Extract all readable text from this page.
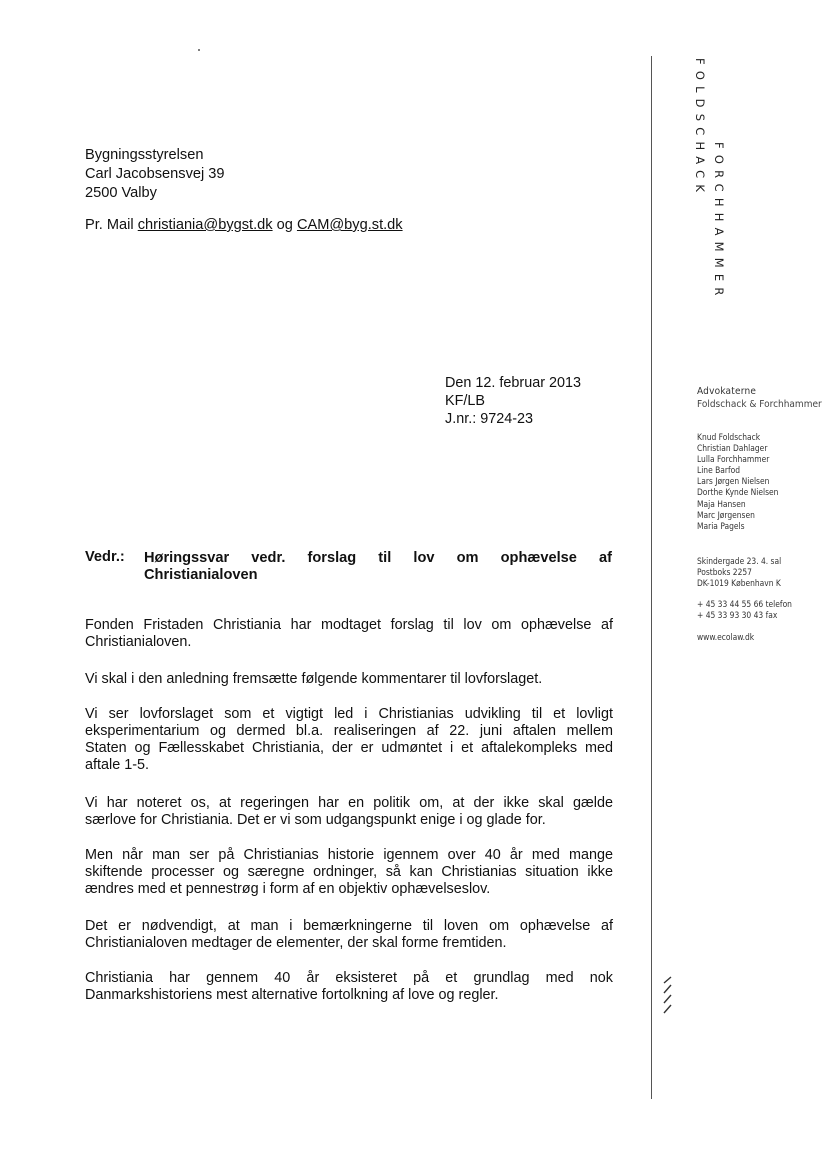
FOLDSCHACK
FORCHHAMMER
Bygningsstyrelsen
Carl Jacobsensvej 39
2500 Valby
Pr. Mail christiania@bygst.dk og CAM@byg.st.dk
Den 12. februar 2013
KF/LB
J.nr.: 9724-23
Vedr.: Høringssvar vedr. forslag til lov om ophævelse af
Christianialoven
Fonden Fristaden Christiania har modtaget forslag til lov om ophævelse af
Christianialoven.
Vi skal i den anledning fremsætte følgende kommentarer til lovforslaget.
Vi ser lovforslaget som et vigtigt led i Christianias udvikling til et lovligt
eksperimentarium og dermed bl.a. realiseringen af 22. juni aftalen mellem
Staten og Fællesskabet Christiania, der er udmøntet i et aftalekompleks med
aftale 1-5.
Vi har noteret os, at regeringen har en politik om, at der ikke skal gælde
særlove for Christiania. Det er vi som udgangspunkt enige i og glade for.
Men når man ser på Christianias historie igennem over 40 år med mange
skiftende processer og særegne ordninger, så kan Christianias situation ikke
ændres med et pennestrøg i form af en objektiv ophævelseslov.
Det er nødvendigt, at man i bemærkningerne til loven om ophævelse af
Christianialoven medtager de elementer, der skal forme fremtiden.
Christiania har gennem 40 år eksisteret på et grundlag med nok
Danmarkshistoriens mest alternative fortolkning af love og regler.
Advokaterne
Foldschack & Forchhammer
Knud Foldschack
Christian Dahlager
Lulla Forchhammer
Line Barfod
Lars Jørgen Nielsen
Dorthe Kynde Nielsen
Maja Hansen
Marc Jørgensen
Maria Pagels
Skindergade 23. 4. sal
Postboks 2257
DK-1019 København K
+ 45 33 44 55 66 telefon
+ 45 33 93 30 43 fax
www.ecolaw.dk
